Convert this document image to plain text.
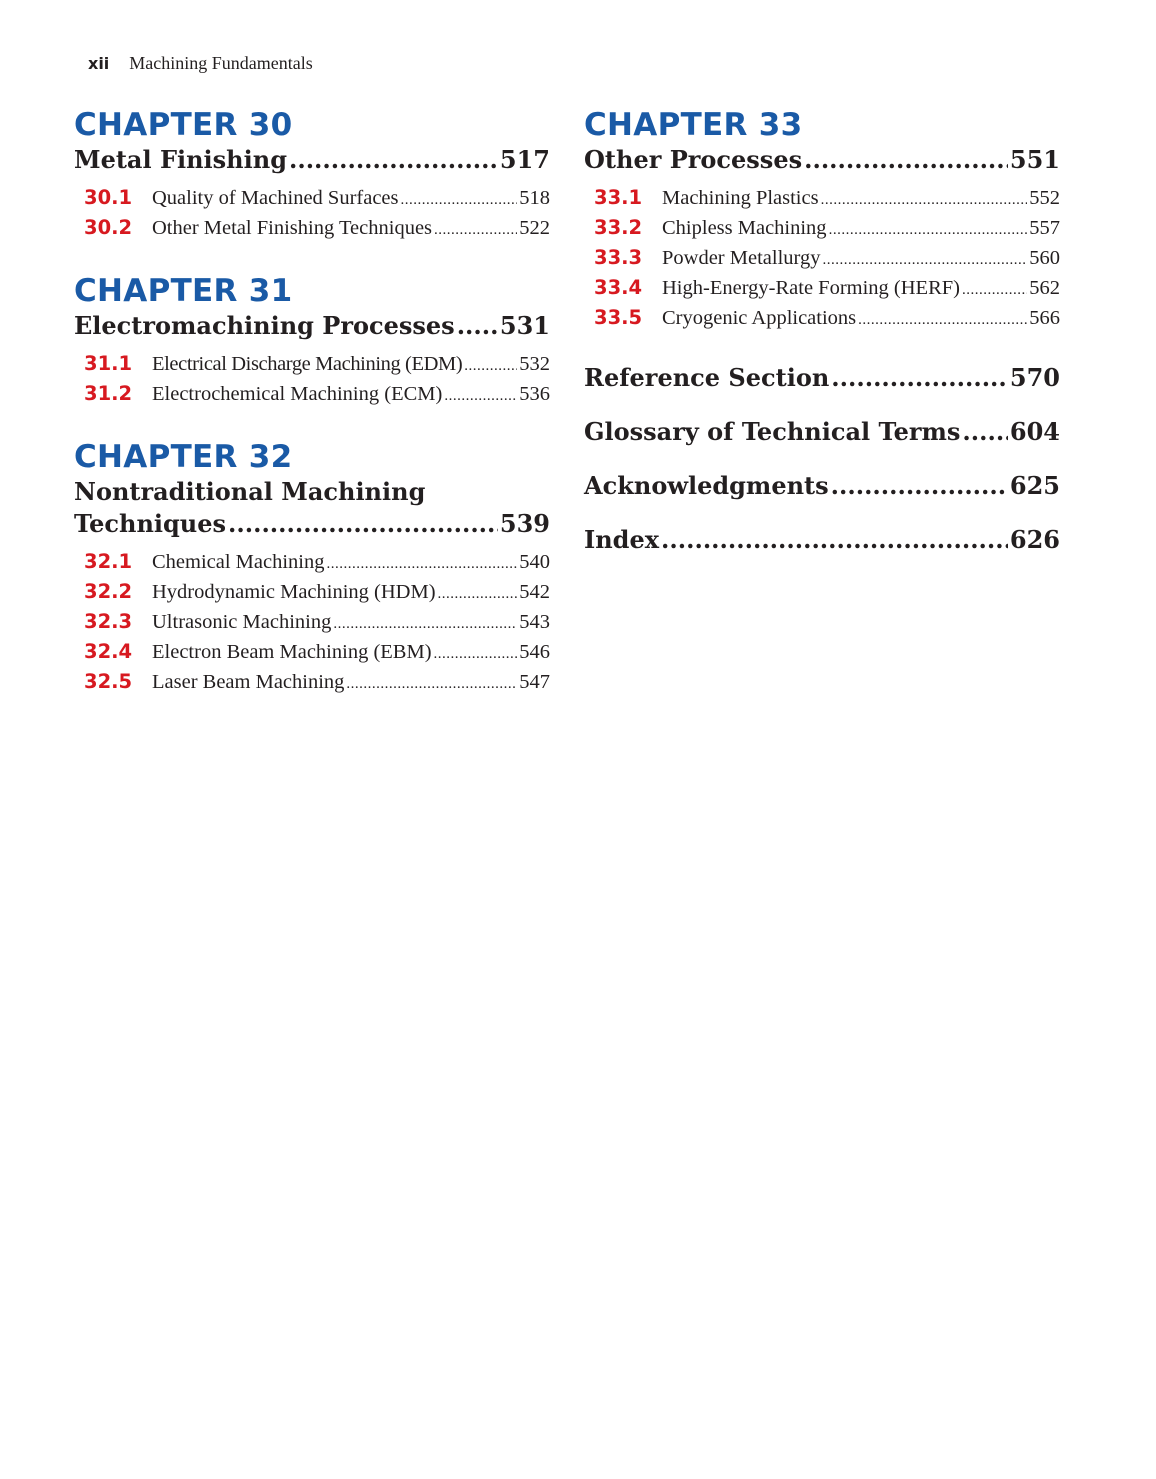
xii Machining Fundamentals
CHAPTER 30
Metal Finishing .....	517
30.1 Quality of Machined Surfaces .....	518
30.2 Other Metal Finishing Techniques .....	522
CHAPTER 31
Electromachining Processes ..... 531
31.1 Electrical Discharge Machining (EDM) .....	532
31.2 Electrochemical Machining (ECM) .....	536
CHAPTER 32
Nontraditional Machining
Techniques .....	539
32.1 Chemical Machining .....	540
32.2 Hydrodynamic Machining (HDM) .....	542
32.3 Ultrasonic Machining .....	543
32.4 Electron Beam Machining (EBM) .....	546
32.5 Laser Beam Machining .....	547
CHAPTER 33
Other Processes .....	551
33.1 Machining Plastics .....	552
33.2 Chipless Machining .....	557
33.3 Powder Metallurgy .....	560
33.4 High-Energy-Rate Forming (HERF) .....	562
33.5 Cryogenic Applications .....	566
Reference Section .....	570
Glossary of Technical Terms ..... 604
Acknowledgments .....	625
Index .....	626
